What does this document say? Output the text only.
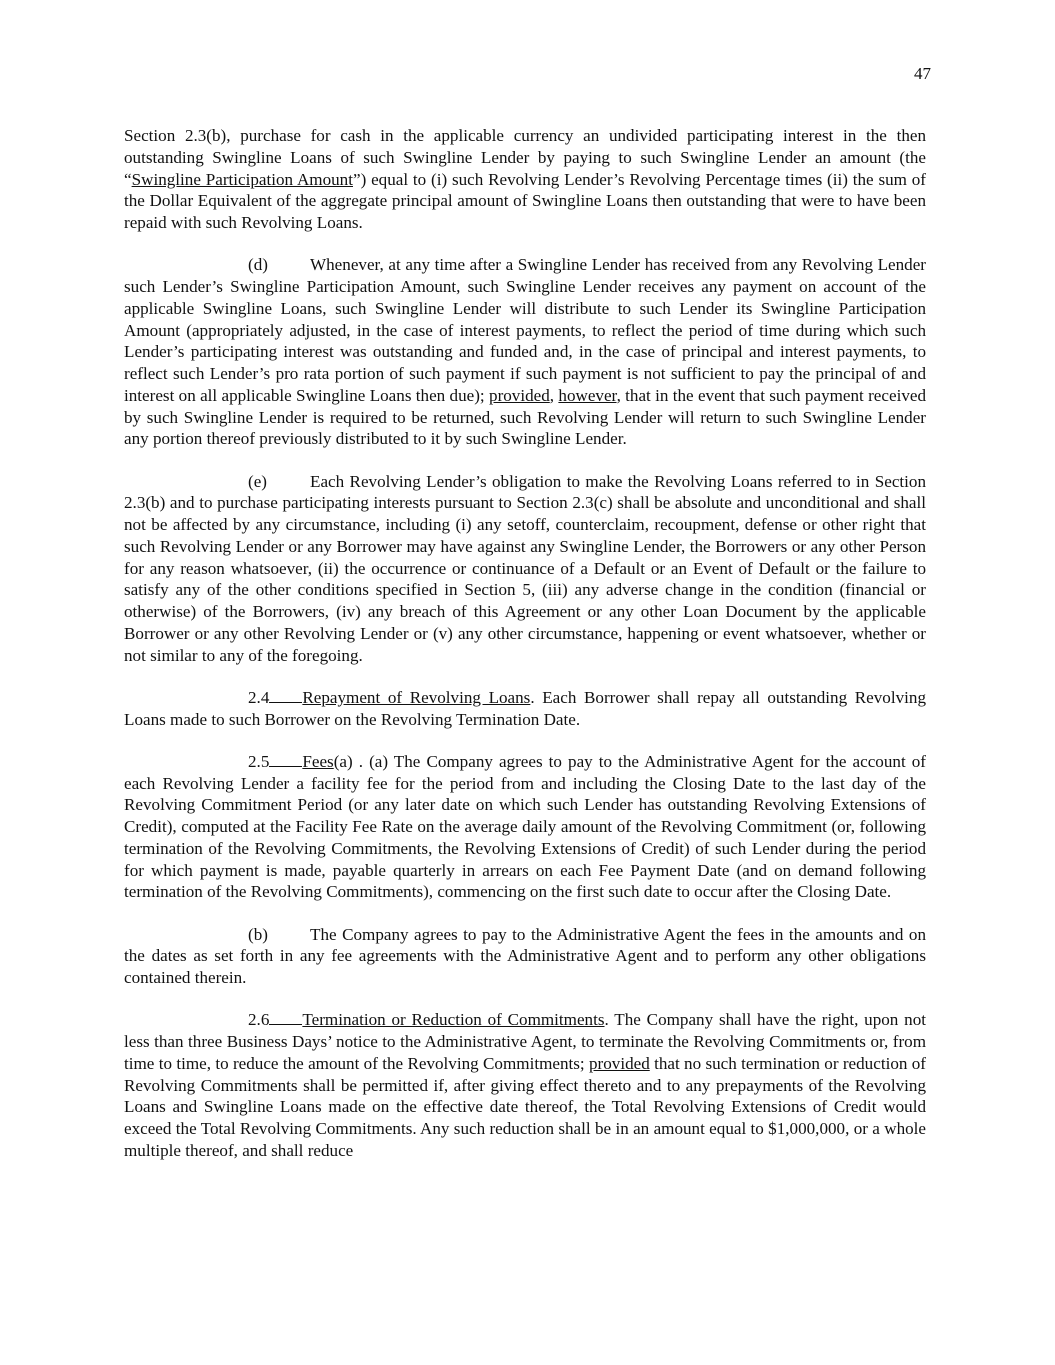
47

Section 2.3(b), purchase for cash in the applicable currency an undivided participating interest in the then outstanding Swingline Loans of such Swingline Lender by paying to such Swingline Lender an amount (the “Swingline Participation Amount”) equal to (i) such Revolving Lender’s Revolving Percentage times (ii) the sum of the Dollar Equivalent of the aggregate principal amount of Swingline Loans then outstanding that were to have been repaid with such Revolving Loans.

(d) Whenever, at any time after a Swingline Lender has received from any Revolving Lender such Lender’s Swingline Participation Amount, such Swingline Lender receives any payment on account of the applicable Swingline Loans, such Swingline Lender will distribute to such Lender its Swingline Participation Amount (appropriately adjusted, in the case of interest payments, to reflect the period of time during which such Lender’s participating interest was outstanding and funded and, in the case of principal and interest payments, to reflect such Lender’s pro rata portion of such payment if such payment is not sufficient to pay the principal of and interest on all applicable Swingline Loans then due); provided, however, that in the event that such payment received by such Swingline Lender is required to be returned, such Revolving Lender will return to such Swingline Lender any portion thereof previously distributed to it by such Swingline Lender.

(e)	Each Revolving Lender’s obligation to make the Revolving Loans referred to in Section 2.3(b) and to purchase participating interests pursuant to Section 2.3(c) shall be absolute and unconditional and shall not be affected by any circumstance, including (i) any setoff, counterclaim, recoupment, defense or other right that such Revolving Lender or any Borrower may have against any Swingline Lender, the Borrowers or any other Person for any reason whatsoever, (ii) the occurrence or continuance of a Default or an Event of Default or the failure to satisfy any of the other conditions specified in Section 5, (iii) any adverse change in the condition (financial or otherwise) of the Borrowers, (iv) any breach of this Agreement or any other Loan Document by the applicable Borrower or any other Revolving Lender or (v) any other circumstance, happening or event whatsoever, whether or not similar to any of the foregoing.

2.4 Repayment of Revolving Loans. Each Borrower shall repay all outstanding Revolving Loans made to such Borrower on the Revolving Termination Date.

2.5 Fees(a) . (a) The Company agrees to pay to the Administrative Agent for the account of each Revolving Lender a facility fee for the period from and including the Closing Date to the last day of the Revolving Commitment Period (or any later date on which such Lender has outstanding Revolving Extensions of Credit), computed at the Facility Fee Rate on the average daily amount of the Revolving Commitment (or, following termination of the Revolving Commitments, the Revolving Extensions of Credit) of such Lender during the period for which payment is made, payable quarterly in arrears on each Fee Payment Date (and on demand following termination of the Revolving Commitments), commencing on the first such date to occur after the Closing Date.

(b) The Company agrees to pay to the Administrative Agent the fees in the amounts and on the dates as set forth in any fee agreements with the Administrative Agent and to perform any other obligations contained therein.

2.6 Termination or Reduction of Commitments. The Company shall have the right, upon not less than three Business Days’ notice to the Administrative Agent, to terminate the Revolving Commitments or, from time to time, to reduce the amount of the Revolving Commitments; provided that no such termination or reduction of Revolving Commitments shall be permitted if, after giving effect thereto and to any prepayments of the Revolving Loans and Swingline Loans made on the effective date thereof, the Total Revolving Extensions of Credit would exceed the Total Revolving Commitments. Any such reduction shall be in an amount equal to $1,000,000, or a whole multiple thereof, and shall reduce
